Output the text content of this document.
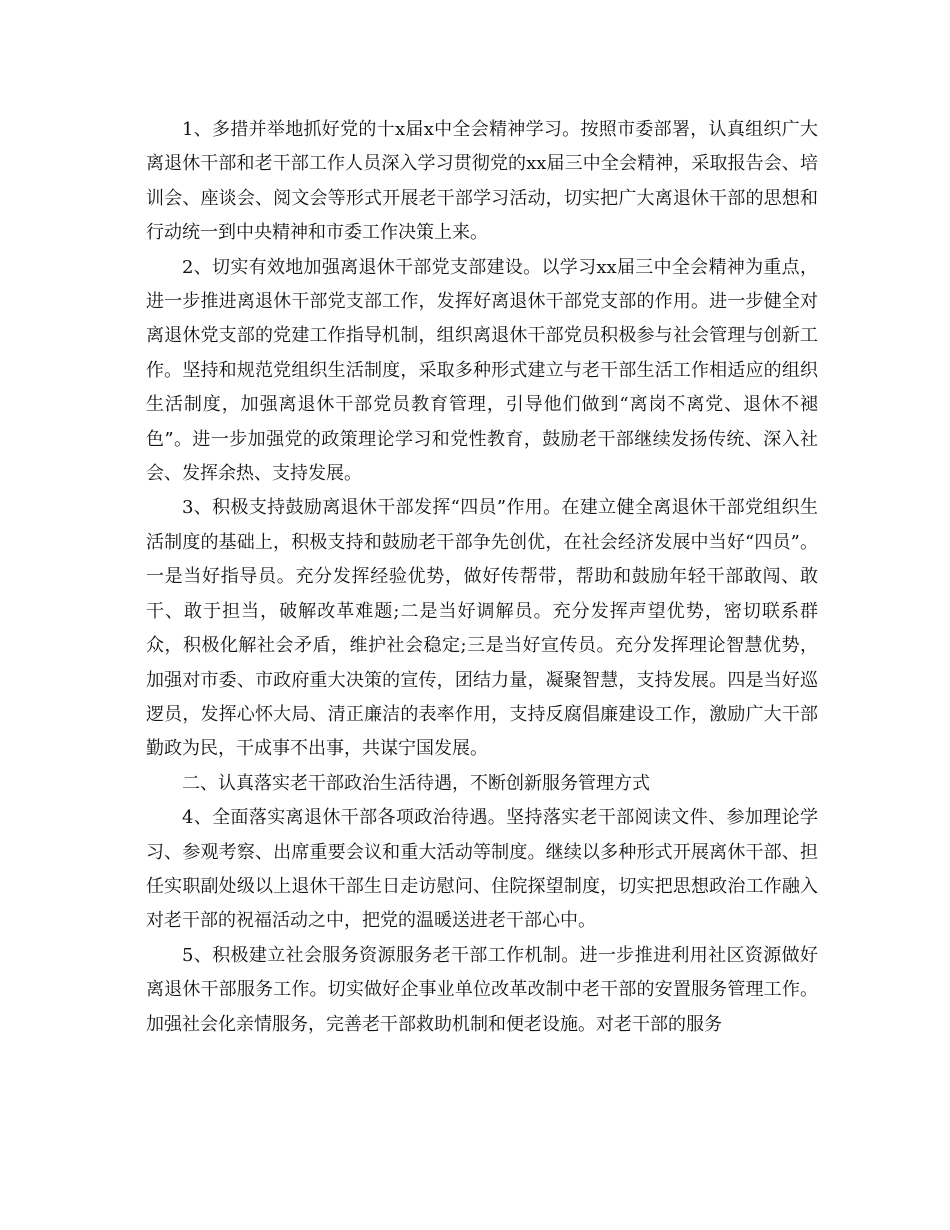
1、多措并举地抓好党的十x届x中全会精神学习。按照市委部署，认真组织广大离退休干部和老干部工作人员深入学习贯彻党的xx届三中全会精神，采取报告会、培训会、座谈会、阅文会等形式开展老干部学习活动，切实把广大离退休干部的思想和行动统一到中央精神和市委工作决策上来。

2、切实有效地加强离退休干部党支部建设。以学习xx届三中全会精神为重点，进一步推进离退休干部党支部工作，发挥好离退休干部党支部的作用。进一步健全对离退休党支部的党建工作指导机制，组织离退休干部党员积极参与社会管理与创新工作。坚持和规范党组织生活制度，采取多种形式建立与老干部生活工作相适应的组织生活制度，加强离退休干部党员教育管理，引导他们做到“离岗不离党、退休不褪色”。进一步加强党的政策理论学习和党性教育，鼓励老干部继续发扬传统、深入社会、发挥余热、支持发展。

3、积极支持鼓励离退休干部发挥“四员”作用。在建立健全离退休干部党组织生活制度的基础上，积极支持和鼓励老干部争先创优，在社会经济发展中当好“四员”。一是当好指导员。充分发挥经验优势，做好传帮带，帮助和鼓励年轻干部敢闯、敢干、敢于担当，破解改革难题;二是当好调解员。充分发挥声望优势，密切联系群众，积极化解社会矛盾，维护社会稳定;三是当好宣传员。充分发挥理论智慧优势，加强对市委、市政府重大决策的宣传，团结力量，凝聚智慧，支持发展。四是当好巡逻员，发挥心怀大局、清正廉洁的表率作用，支持反腐倡廉建设工作，激励广大干部勤政为民，干成事不出事，共谋宁国发展。

二、认真落实老干部政治生活待遇，不断创新服务管理方式

4、全面落实离退休干部各项政治待遇。坚持落实老干部阅读文件、参加理论学习、参观考察、出席重要会议和重大活动等制度。继续以多种形式开展离休干部、担任实职副处级以上退休干部生日走访慰问、住院探望制度，切实把思想政治工作融入对老干部的祝福活动之中，把党的温暖送进老干部心中。

5、积极建立社会服务资源服务老干部工作机制。进一步推进利用社区资源做好离退休干部服务工作。切实做好企事业单位改革改制中老干部的安置服务管理工作。加强社会化亲情服务，完善老干部救助机制和便老设施。对老干部的服务
